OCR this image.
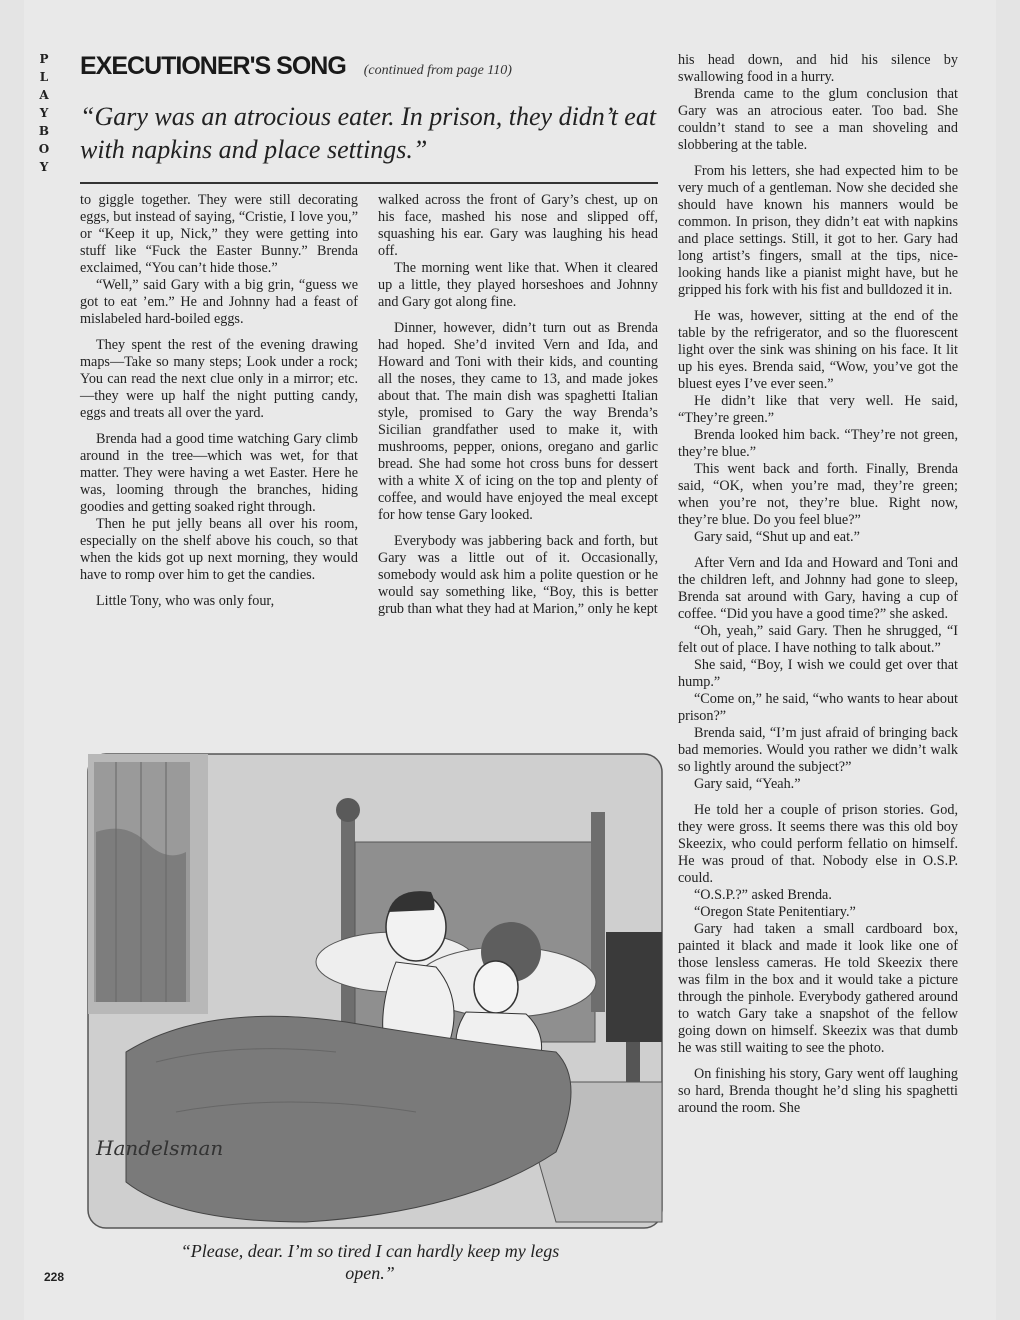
P
L
A
Y
B
O
Y
EXECUTIONER'S SONG (continued from page 110)
“Gary was an atrocious eater. In prison, they didn’t eat with napkins and place settings.”

to giggle together. They were still decorating eggs, but instead of saying, “Cristie, I love you,” or “Keep it up, Nick,” they were getting into stuff like “Fuck the Easter Bunny.” Brenda exclaimed, “You can’t hide those.”

“Well,” said Gary with a big grin, “guess we got to eat ’em.” He and Johnny had a feast of mislabeled hard-boiled eggs.

They spent the rest of the evening drawing maps—Take so many steps; Look under a rock; You can read the next clue only in a mirror; etc.—they were up half the night putting candy, eggs and treats all over the yard.

Brenda had a good time watching Gary climb around in the tree—which was wet, for that matter. They were having a wet Easter. Here he was, looming through the branches, hiding goodies and getting soaked right through.

Then he put jelly beans all over his room, especially on the shelf above his couch, so that when the kids got up next morning, they would have to romp over him to get the candies.

Little Tony, who was only four,

walked across the front of Gary’s chest, up on his face, mashed his nose and slipped off, squashing his ear. Gary was laughing his head off.

The morning went like that. When it cleared up a little, they played horseshoes and Johnny and Gary got along fine.

Dinner, however, didn’t turn out as Brenda had hoped. She’d invited Vern and Ida, and Howard and Toni with their kids, and counting all the noses, they came to 13, and made jokes about that. The main dish was spaghetti Italian style, promised to Gary the way Brenda’s Sicilian grandfather used to make it, with mushrooms, pepper, onions, oregano and garlic bread. She had some hot cross buns for dessert with a white X of icing on the top and plenty of coffee, and would have enjoyed the meal except for how tense Gary looked.

Everybody was jabbering back and forth, but Gary was a little out of it. Occasionally, somebody would ask him a polite question or he would say something like, “Boy, this is better grub than what they had at Marion,” only he kept

his head down, and hid his silence by swallowing food in a hurry.

Brenda came to the glum conclusion that Gary was an atrocious eater. Too bad. She couldn’t stand to see a man shoveling and slobbering at the table.

From his letters, she had expected him to be very much of a gentleman. Now she decided she should have known his manners would be common. In prison, they didn’t eat with napkins and place settings. Still, it got to her. Gary had long artist’s fingers, small at the tips, nice-looking hands like a pianist might have, but he gripped his fork with his fist and bulldozed it in.

He was, however, sitting at the end of the table by the refrigerator, and so the fluorescent light over the sink was shining on his face. It lit up his eyes. Brenda said, “Wow, you’ve got the bluest eyes I’ve ever seen.”

He didn’t like that very well. He said, “They’re green.”

Brenda looked him back. “They’re not green, they’re blue.”

This went back and forth. Finally, Brenda said, “OK, when you’re mad, they’re green; when you’re not, they’re blue. Right now, they’re blue. Do you feel blue?”

Gary said, “Shut up and eat.”

After Vern and Ida and Howard and Toni and the children left, and Johnny had gone to sleep, Brenda sat around with Gary, having a cup of coffee. “Did you have a good time?” she asked.

“Oh, yeah,” said Gary. Then he shrugged, “I felt out of place. I have nothing to talk about.”

She said, “Boy, I wish we could get over that hump.”

“Come on,” he said, “who wants to hear about prison?”

Brenda said, “I’m just afraid of bringing back bad memories. Would you rather we didn’t walk so lightly around the subject?”

Gary said, “Yeah.”

He told her a couple of prison stories. God, they were gross. It seems there was this old boy Skeezix, who could perform fellatio on himself. He was proud of that. Nobody else in O.S.P. could.

“O.S.P.?” asked Brenda.

“Oregon State Penitentiary.”

Gary had taken a small cardboard box, painted it black and made it look like one of those lensless cameras. He told Skeezix there was film in the box and it would take a picture through the pinhole. Everybody gathered around to watch Gary take a snapshot of the fellow going down on himself. Skeezix was that dumb he was still waiting to see the photo.

On finishing his story, Gary went off laughing so hard, Brenda thought he’d sling his spaghetti around the room. She

Handelsman
“Please, dear. I’m so tired I can hardly keep my legs open.”
228
